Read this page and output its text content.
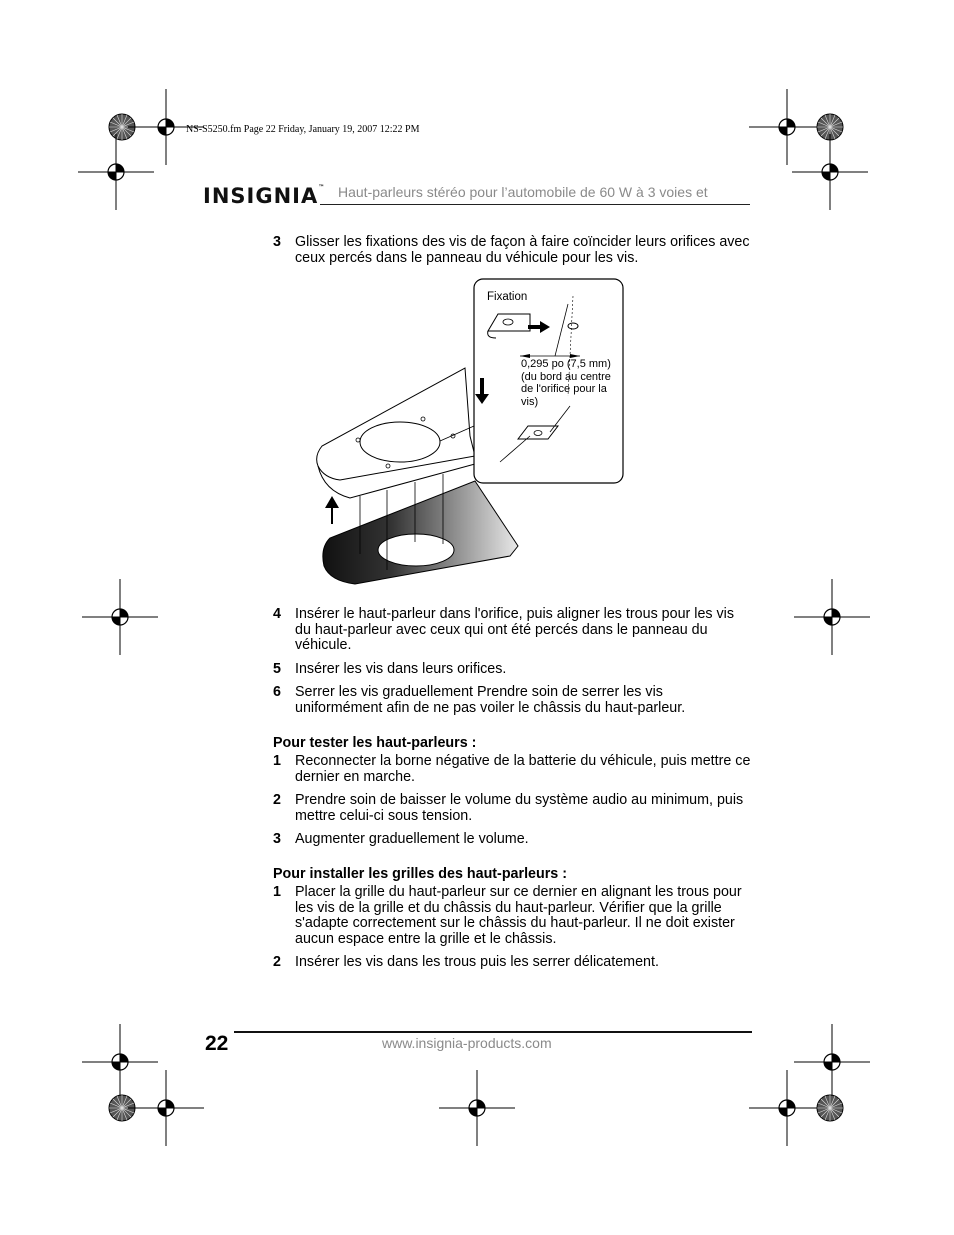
NS-S5250.fm Page 22 Friday, January 19, 2007 12:22 PM
INSIGNIA™ Haut-parleurs stéréo pour l’automobile de 60 W à 3 voies et
3 Glisser les fixations des vis de façon à faire coïncider leurs orifices avec ceux percés dans le panneau du véhicule pour les vis.
Fixation
0,295 po (7,5 mm) (du bord au centre de l'orifice pour la vis)
4 Insérer le haut-parleur dans l'orifice, puis aligner les trous pour les vis du haut-parleur avec ceux qui ont été percés dans le panneau du véhicule.
5 Insérer les vis dans leurs orifices.
6 Serrer les vis graduellement Prendre soin de serrer les vis uniformément afin de ne pas voiler le châssis du haut-parleur.
Pour tester les haut-parleurs :
1 Reconnecter la borne négative de la batterie du véhicule, puis mettre ce dernier en marche.
2 Prendre soin de baisser le volume du système audio au minimum, puis mettre celui-ci sous tension.
3 Augmenter graduellement le volume.
Pour installer les grilles des haut-parleurs :
1 Placer la grille du haut-parleur sur ce dernier en alignant les trous pour les vis de la grille et du châssis du haut-parleur. Vérifier que la grille s'adapte correctement sur le châssis du haut-parleur. Il ne doit exister aucun espace entre la grille et le châssis.
2 Insérer les vis dans les trous puis les serrer délicatement.
22	www.insignia-products.com
